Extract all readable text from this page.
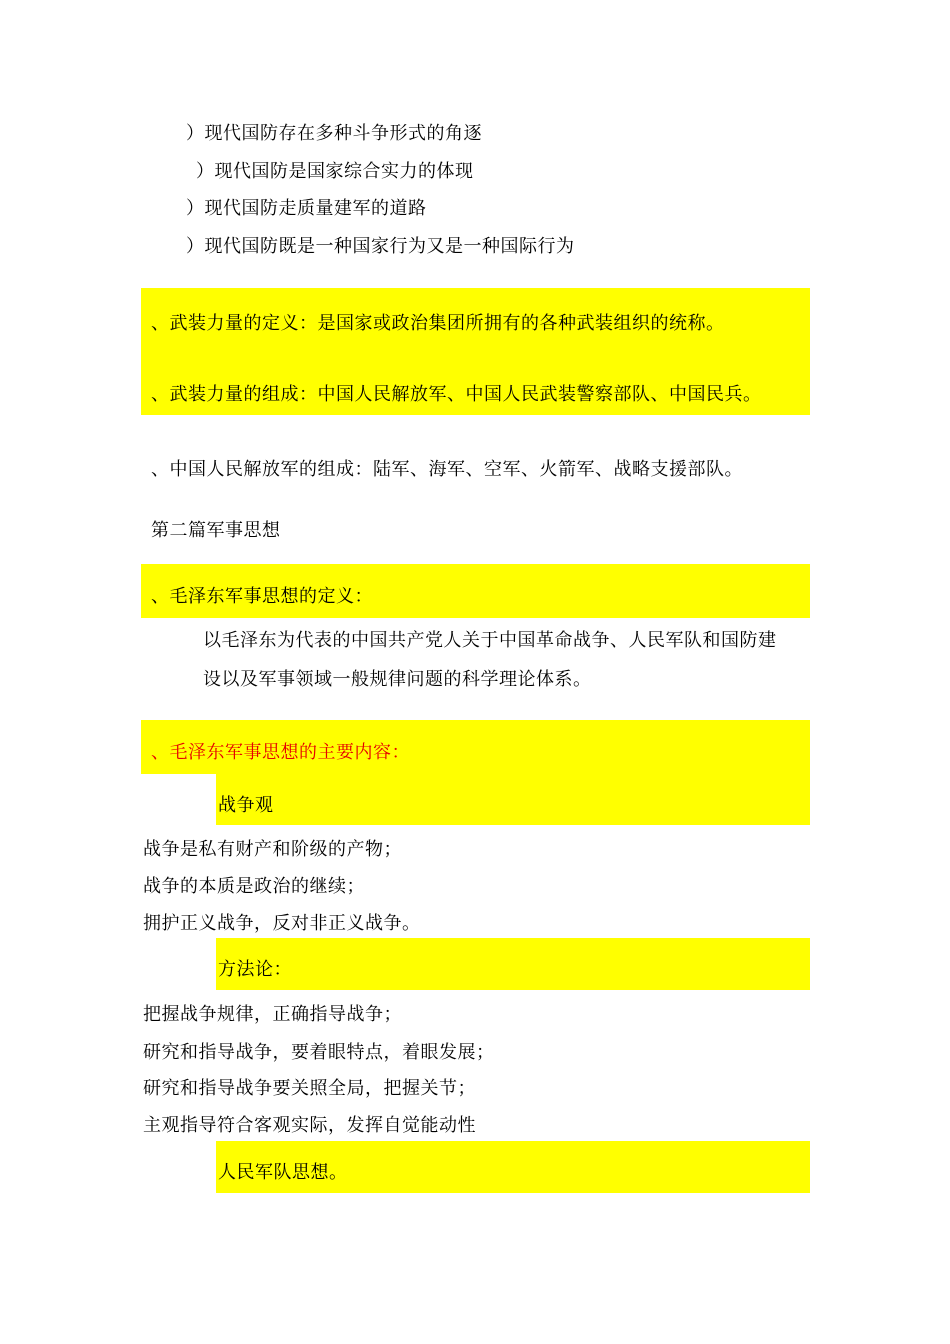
）现代国防存在多种斗争形式的角逐
）现代国防是国家综合实力的体现
）现代国防走质量建军的道路
）现代国防既是一种国家行为又是一种国际行为
、武装力量的定义：是国家或政治集团所拥有的各种武装组织的统称。
、武装力量的组成：中国人民解放军、中国人民武装警察部队、中国民兵。
、中国人民解放军的组成：陆军、海军、空军、火箭军、战略支援部队。
第二篇军事思想
、毛泽东军事思想的定义：
以毛泽东为代表的中国共产党人关于中国革命战争、人民军队和国防建
设以及军事领域一般规律问题的科学理论体系。
、毛泽东军事思想的主要内容：
战争观
战争是私有财产和阶级的产物；
战争的本质是政治的继续；
拥护正义战争，反对非正义战争。
方法论：
把握战争规律，正确指导战争；
研究和指导战争，要着眼特点，着眼发展；
研究和指导战争要关照全局，把握关节；
主观指导符合客观实际，发挥自觉能动性
人民军队思想。
